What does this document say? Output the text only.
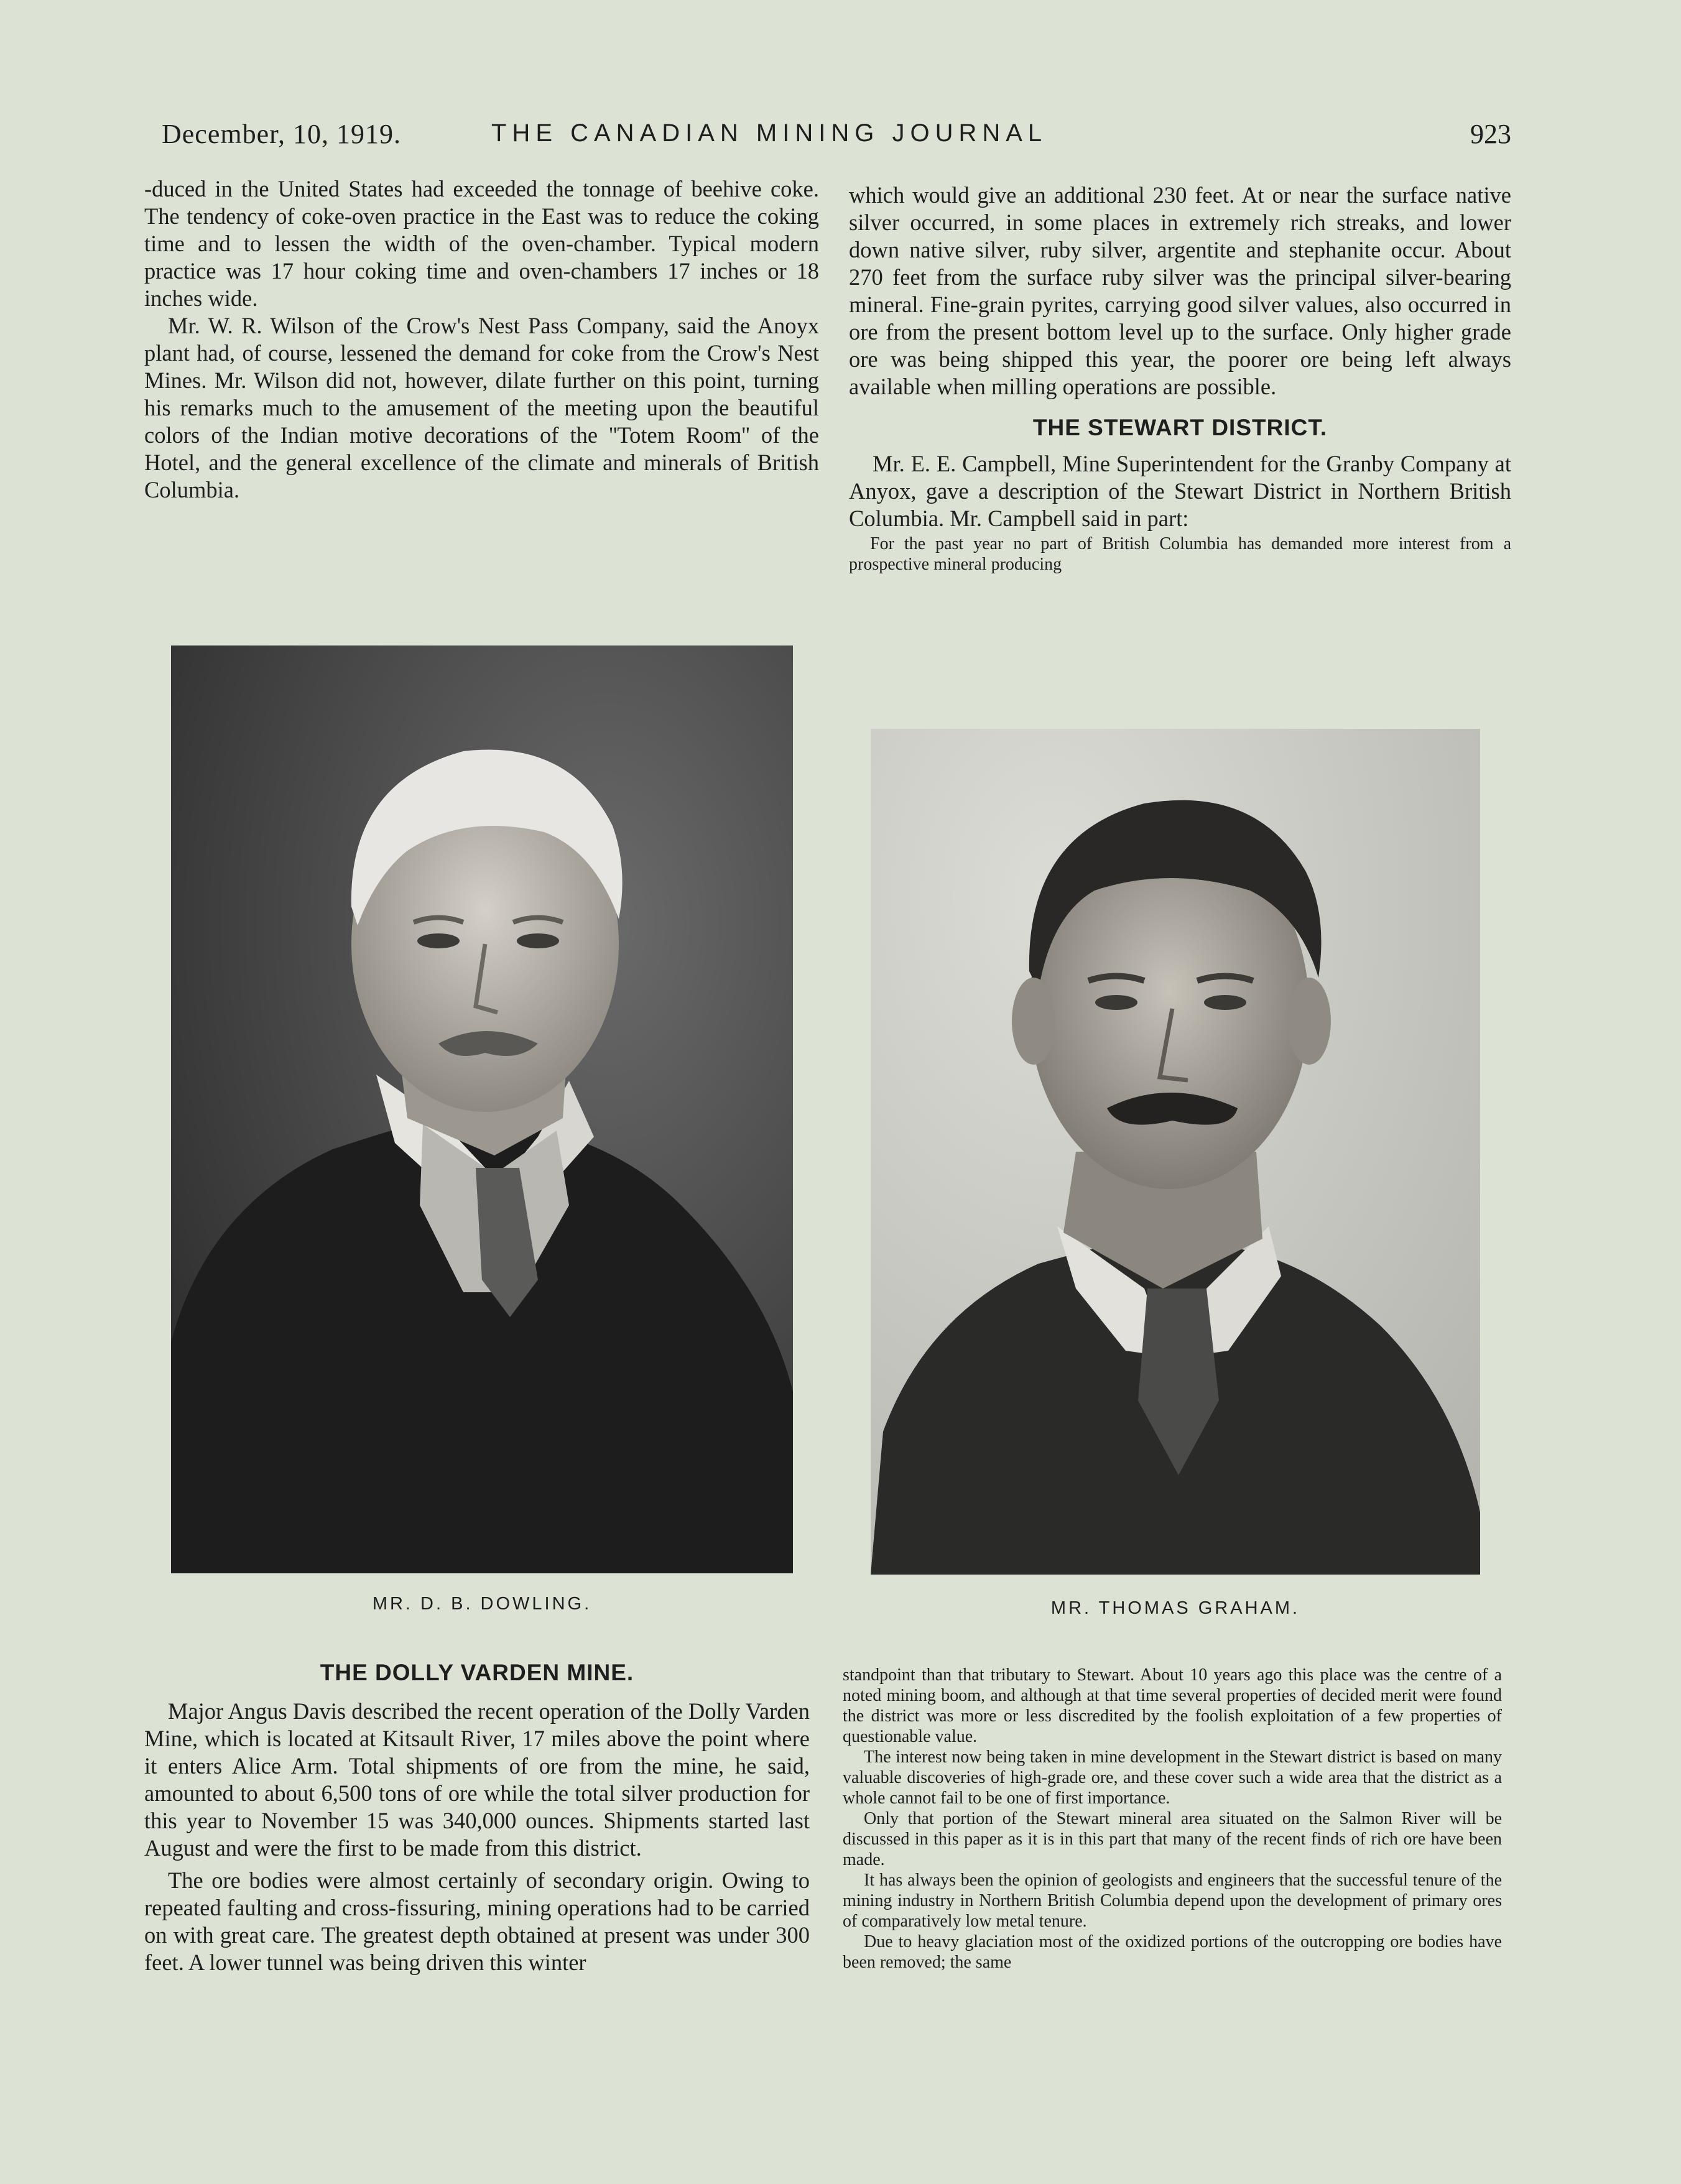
December, 10, 1919.	THE CANADIAN MINING JOURNAL	923

-duced in the United States had exceeded the tonnage of beehive coke. The tendency of coke-oven practice in the East was to reduce the coking time and to lessen the width of the oven-chamber. Typical modern practice was 17 hour coking time and oven-chambers 17 inches or 18 inches wide.

Mr. W. R. Wilson of the Crow's Nest Pass Company, said the Anoyx plant had, of course, lessened the demand for coke from the Crow's Nest Mines. Mr. Wilson did not, however, dilate further on this point, turning his remarks much to the amusement of the meeting upon the beautiful colors of the Indian motive decorations of the ''Totem Room'' of the Hotel, and the general excellence of the climate and minerals of British Columbia.

which would give an additional 230 feet. At or near the surface native silver occurred, in some places in extremely rich streaks, and lower down native silver, ruby silver, argentite and stephanite occur. About 270 feet from the surface ruby silver was the principal silver-bearing mineral. Fine-grain pyrites, carrying good silver values, also occurred in ore from the present bottom level up to the surface. Only higher grade ore was being shipped this year, the poorer ore being left always available when milling operations are possible.

THE STEWART DISTRICT.

Mr. E. E. Campbell, Mine Superintendent for the Granby Company at Anyox, gave a description of the Stewart District in Northern British Columbia. Mr. Campbell said in part:

For the past year no part of British Columbia has demanded more interest from a prospective mineral producing

MR. D. B. DOWLING.	MR. THOMAS GRAHAM.

THE DOLLY VARDEN MINE.

Major Angus Davis described the recent operation of the Dolly Varden Mine, which is located at Kitsault River, 17 miles above the point where it enters Alice Arm. Total shipments of ore from the mine, he said, amounted to about 6,500 tons of ore while the total silver production for this year to November 15 was 340,000 ounces. Shipments started last August and were the first to be made from this district.

The ore bodies were almost certainly of secondary origin. Owing to repeated faulting and cross-fissuring, mining operations had to be carried on with great care. The greatest depth obtained at present was under 300 feet. A lower tunnel was being driven this winter

standpoint than that tributary to Stewart. About 10 years ago this place was the centre of a noted mining boom, and although at that time several properties of decided merit were found the district was more or less discredited by the foolish exploitation of a few properties of questionable value.

The interest now being taken in mine development in the Stewart district is based on many valuable discoveries of high-grade ore, and these cover such a wide area that the district as a whole cannot fail to be one of first importance.

Only that portion of the Stewart mineral area situated on the Salmon River will be discussed in this paper as it is in this part that many of the recent finds of rich ore have been made.

It has always been the opinion of geologists and engineers that the successful tenure of the mining industry in Northern British Columbia depend upon the development of primary ores of comparatively low metal tenure.

Due to heavy glaciation most of the oxidized portions of the outcropping ore bodies have been removed; the same
